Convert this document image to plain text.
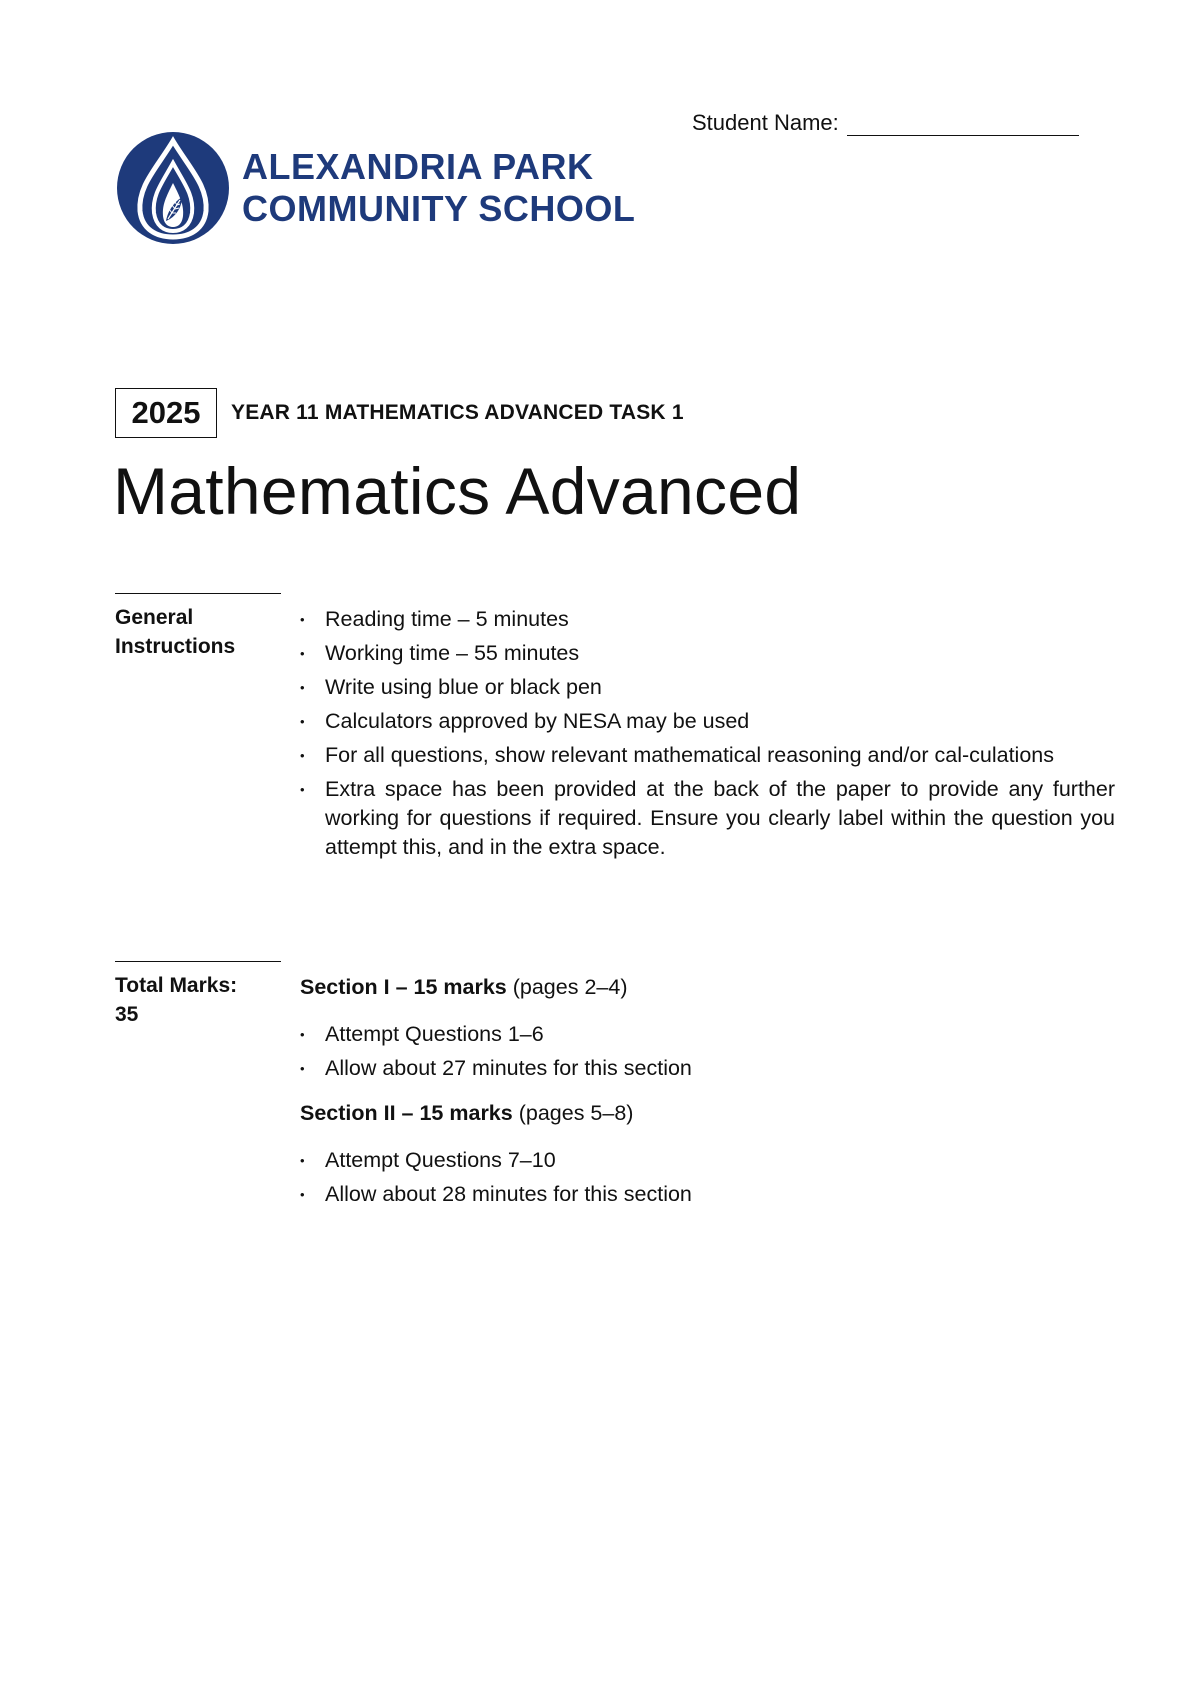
Student Name:
ALEXANDRIA PARK
COMMUNITY SCHOOL
2025	YEAR 11 MATHEMATICS ADVANCED TASK 1
Mathematics Advanced
General
Instructions
• Reading time – 5 minutes
• Working time – 55 minutes
• Write using blue or black pen
• Calculators approved by NESA may be used
• For all questions, show relevant mathematical reasoning and/or cal-culations
• Extra space has been provided at the back of the paper to provide any further working for questions if required. Ensure you clearly label within the question you attempt this, and in the extra space.
Total Marks:
35
Section I – 15 marks (pages 2–4)
• Attempt Questions 1–6
• Allow about 27 minutes for this section
Section II – 15 marks (pages 5–8)
• Attempt Questions 7–10
• Allow about 28 minutes for this section
